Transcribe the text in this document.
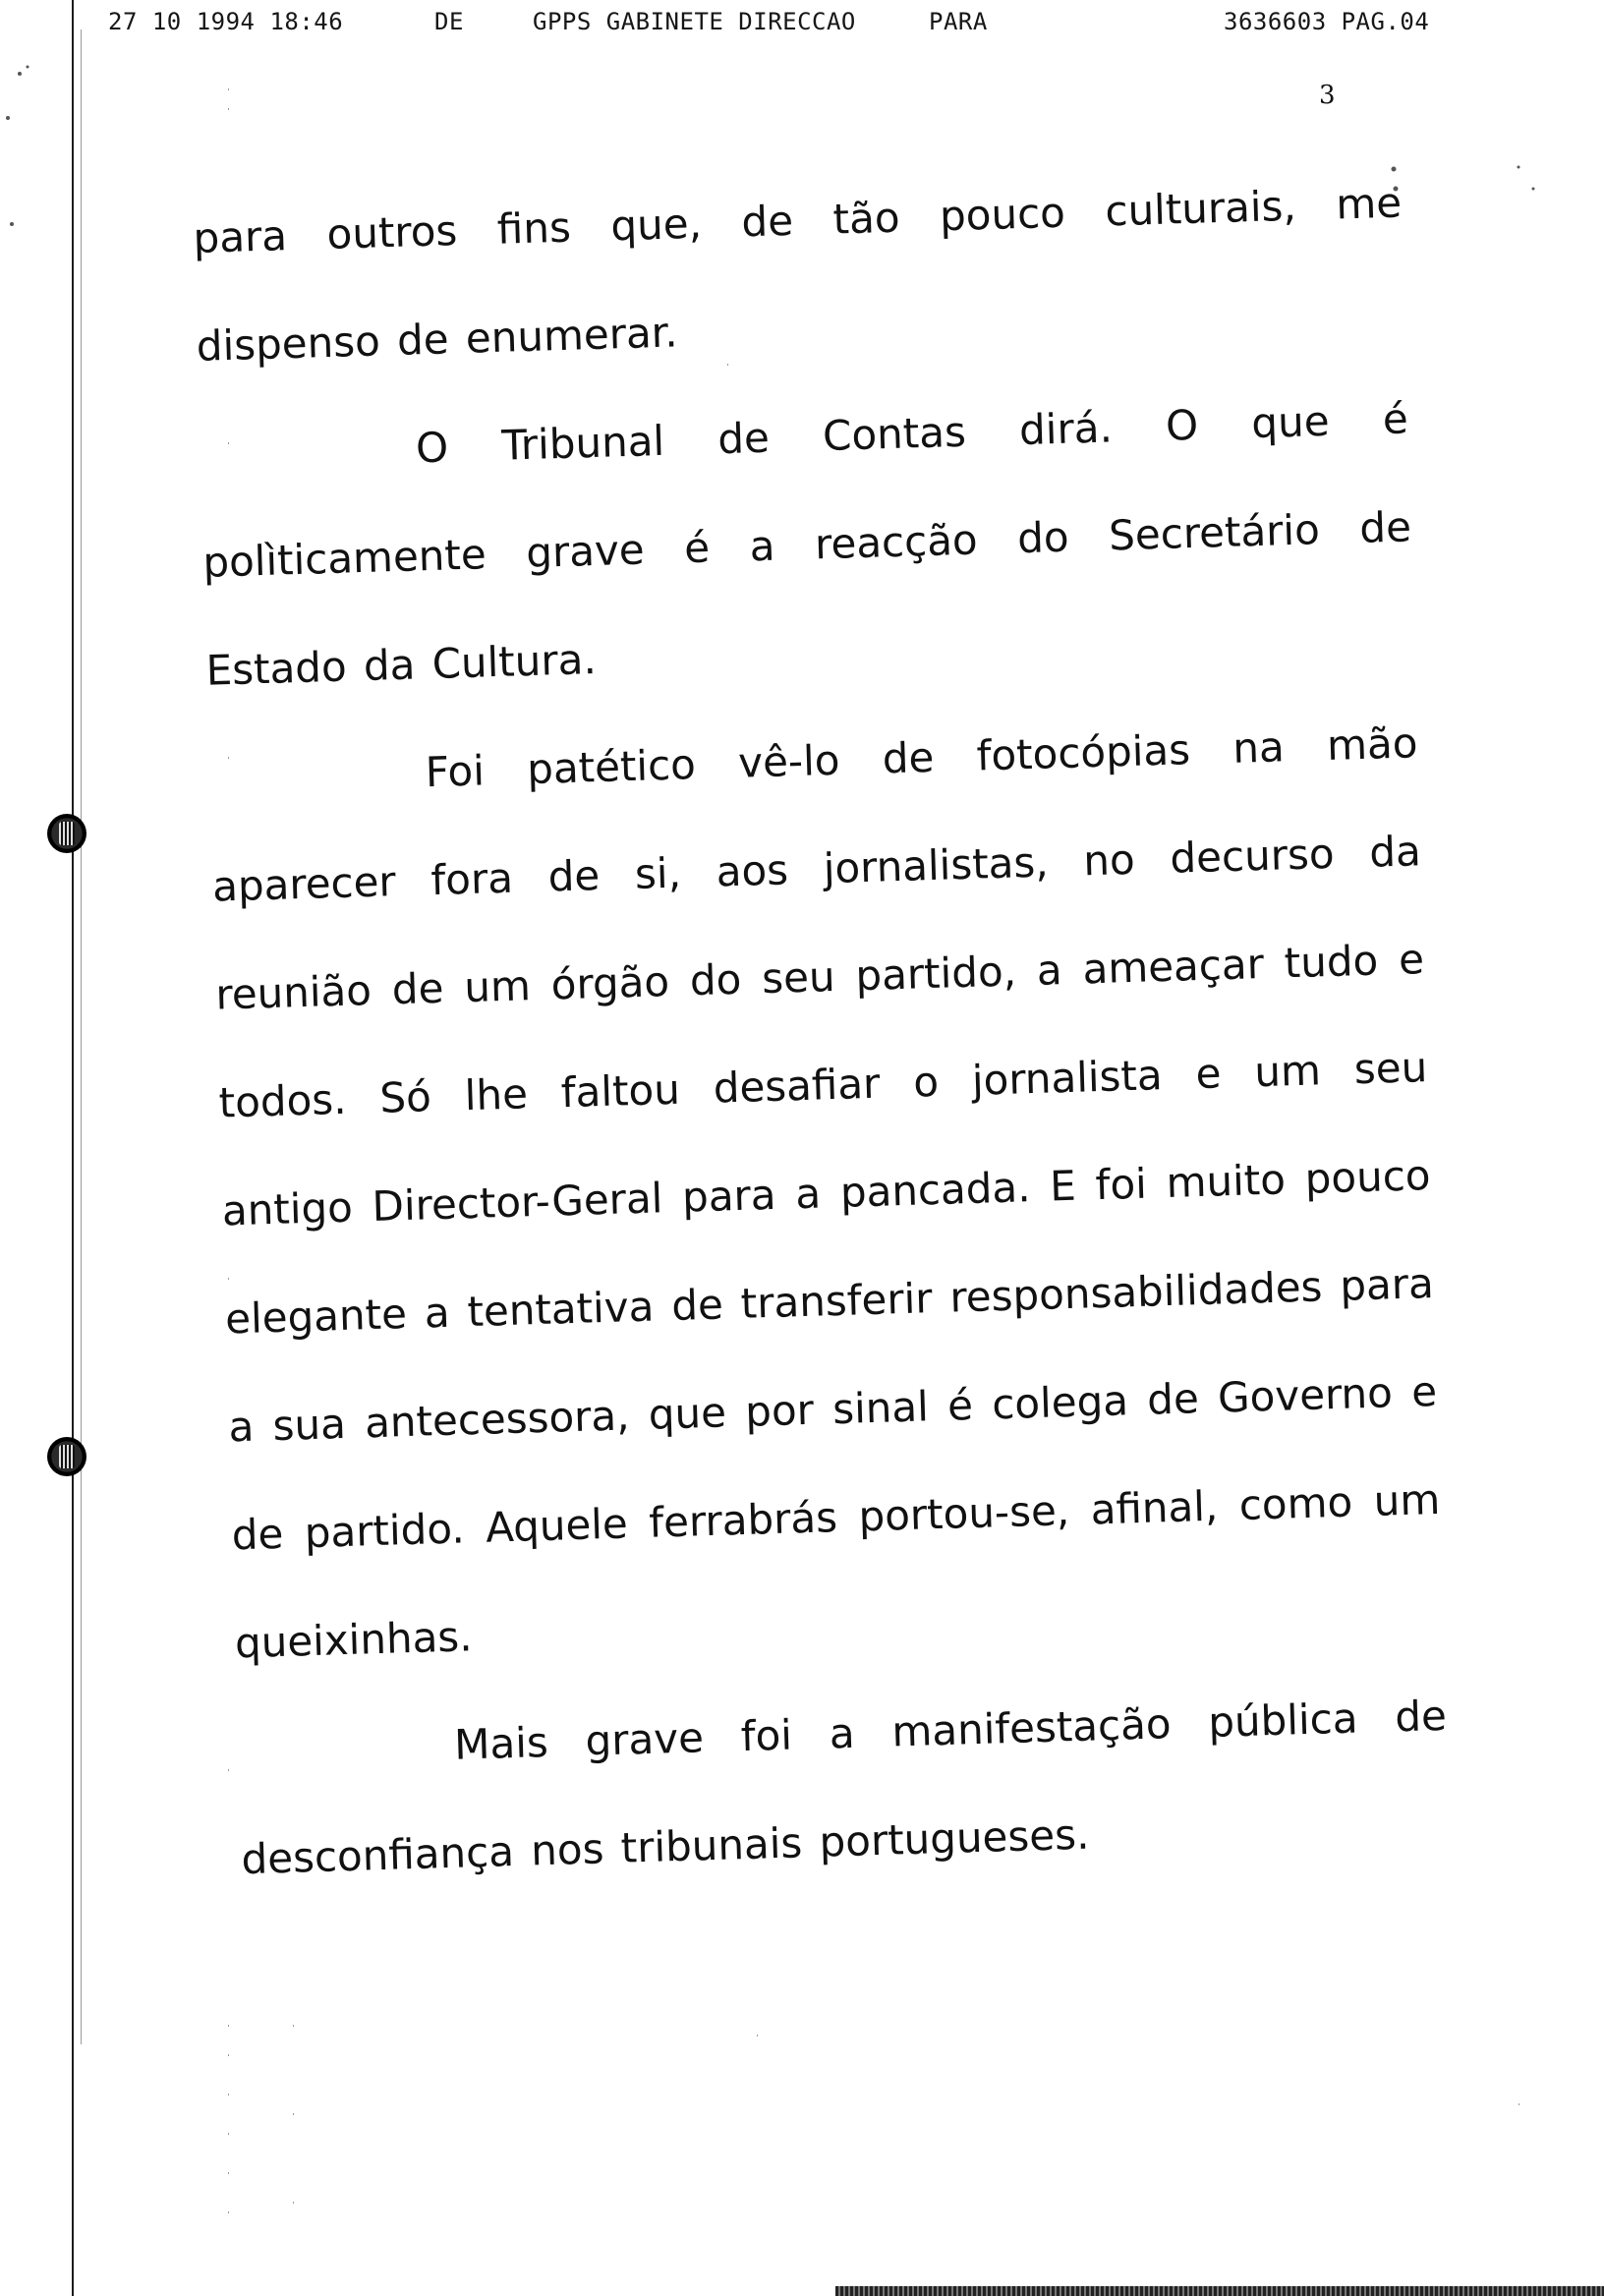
27 10 1994 18:46	DE	GPPS GABINETE DIRECCAO	PARA	3636603 PAG.04
3
para outros fins que, de tão pouco culturais, me
dispenso de enumerar.
O Tribunal de Contas dirá. O que é
polìticamente grave é a reacção do Secretário de
Estado da Cultura.
Foi patético vê-lo de fotocópias na mão
aparecer fora de si, aos jornalistas, no decurso da
reunião de um órgão do seu partido, a ameaçar tudo e
todos. Só lhe faltou desafiar o jornalista e um seu
antigo Director-Geral para a pancada. E foi muito pouco
elegante a tentativa de transferir responsabilidades para
a sua antecessora, que por sinal é colega de Governo e
de partido. Aquele ferrabrás portou-se, afinal, como um
queixinhas.
Mais grave foi a manifestação pública de
desconfiança nos tribunais portugueses.
